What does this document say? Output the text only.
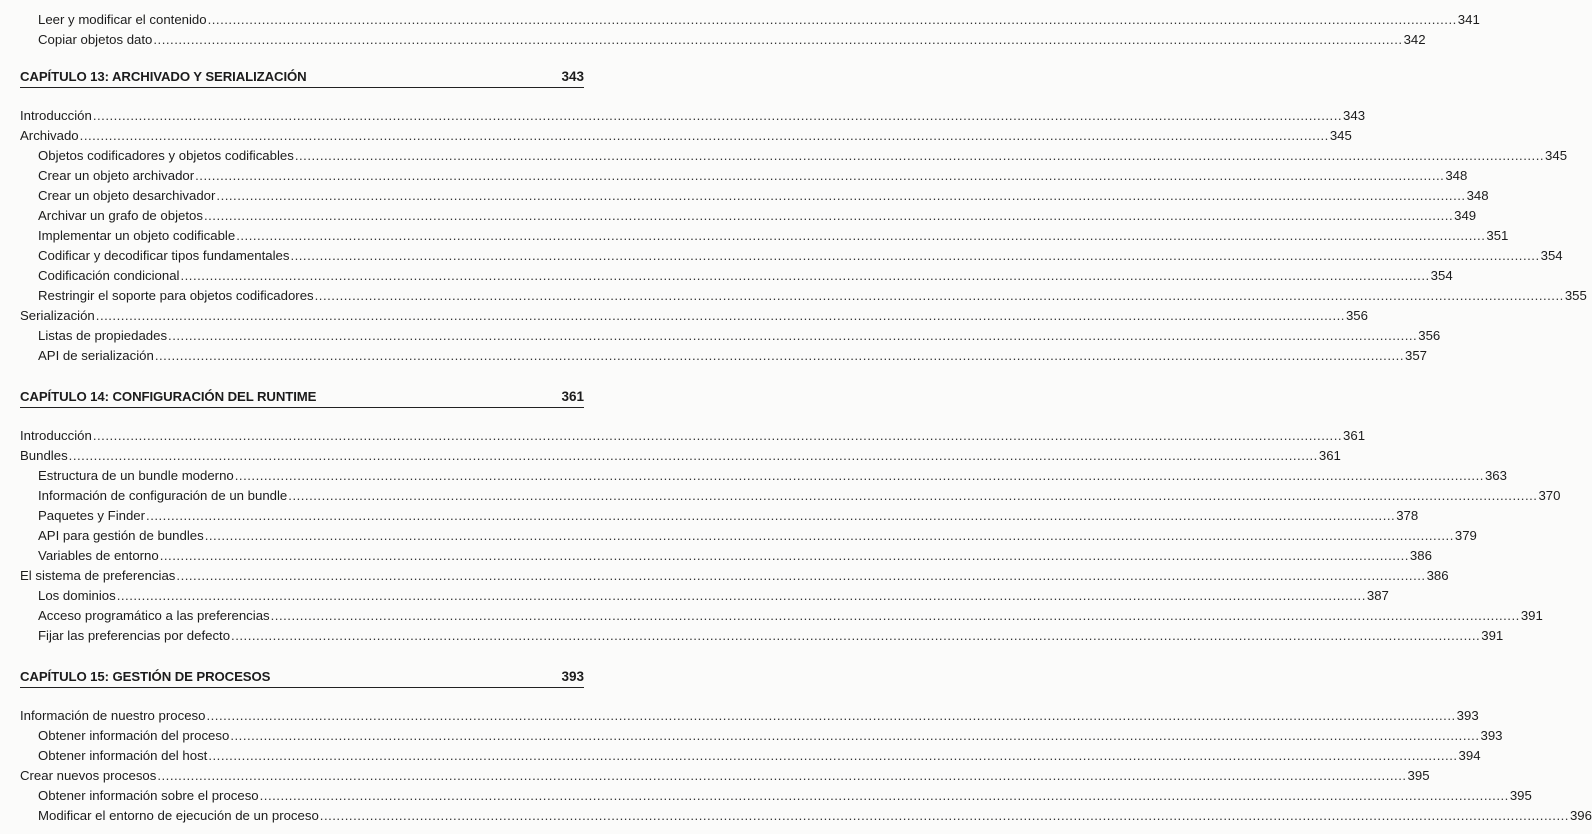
Leer y modificar el contenido ............................................................................................................................................................................................................................................................................................................ 341
Copiar objetos dato ............................................................................................................................................................................................................................................................................................................ 342
CAPÍTULO 13: ARCHIVADO Y SERIALIZACIÓN	343
Introducción ............................................................................................................................................................................................................................................................................................................ 343
Archivado ............................................................................................................................................................................................................................................................................................................ 345
Objetos codificadores y objetos codificables ............................................................................................................................................................................................................................................................................................................ 345
Crear un objeto archivador ............................................................................................................................................................................................................................................................................................................ 348
Crear un objeto desarchivador ............................................................................................................................................................................................................................................................................................................ 348
Archivar un grafo de objetos ............................................................................................................................................................................................................................................................................................................ 349
Implementar un objeto codificable ............................................................................................................................................................................................................................................................................................................ 351
Codificar y decodificar tipos fundamentales ............................................................................................................................................................................................................................................................................................................ 354
Codificación condicional ............................................................................................................................................................................................................................................................................................................ 354
Restringir el soporte para objetos codificadores ............................................................................................................................................................................................................................................................................................................ 355
Serialización ............................................................................................................................................................................................................................................................................................................ 356
Listas de propiedades ............................................................................................................................................................................................................................................................................................................ 356
API de serialización ............................................................................................................................................................................................................................................................................................................ 357
CAPÍTULO 14: CONFIGURACIÓN DEL RUNTIME	361
Introducción ............................................................................................................................................................................................................................................................................................................ 361
Bundles ............................................................................................................................................................................................................................................................................................................ 361
Estructura de un bundle moderno ............................................................................................................................................................................................................................................................................................................ 363
Información de configuración de un bundle ............................................................................................................................................................................................................................................................................................................ 370
Paquetes y Finder ............................................................................................................................................................................................................................................................................................................ 378
API para gestión de bundles ............................................................................................................................................................................................................................................................................................................ 379
Variables de entorno ............................................................................................................................................................................................................................................................................................................ 386
El sistema de preferencias ............................................................................................................................................................................................................................................................................................................ 386
Los dominios ............................................................................................................................................................................................................................................................................................................ 387
Acceso programático a las preferencias ............................................................................................................................................................................................................................................................................................................ 391
Fijar las preferencias por defecto ............................................................................................................................................................................................................................................................................................................ 391
CAPÍTULO 15: GESTIÓN DE PROCESOS	393
Información de nuestro proceso ............................................................................................................................................................................................................................................................................................................ 393
Obtener información del proceso ............................................................................................................................................................................................................................................................................................................ 393
Obtener información del host ............................................................................................................................................................................................................................................................................................................ 394
Crear nuevos procesos ............................................................................................................................................................................................................................................................................................................ 395
Obtener información sobre el proceso ............................................................................................................................................................................................................................................................................................................ 395
Modificar el entorno de ejecución de un proceso ............................................................................................................................................................................................................................................................................................................ 396
